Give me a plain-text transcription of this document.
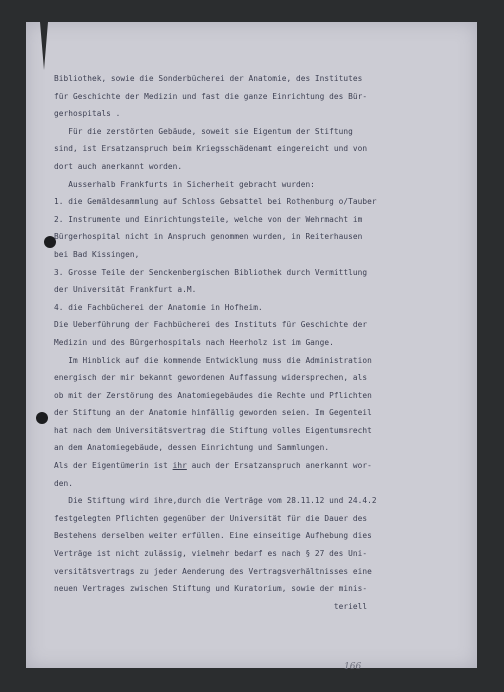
166
Bibliothek, sowie die Sonderbücherei der Anatomie, des Institutes
für Geschichte der Medizin und fast die ganze Einrichtung des Bür-
gerhospitals .
Für die zerstörten Gebäude, soweit sie Eigentum der Stiftung
sind, ist Ersatzanspruch beim Kriegsschädenamt eingereicht und von
dort auch anerkannt worden.
Ausserhalb Frankfurts in Sicherheit gebracht wurden:
1. die Gemäldesammlung auf Schloss Gebsattel bei Rothenburg o/Tauber
2. Instrumente und Einrichtungsteile, welche von der Wehrmacht im
Bürgerhospital nicht in Anspruch genommen wurden, in Reiterhausen
bei Bad Kissingen,
3. Grosse Teile der Senckenbergischen Bibliothek durch Vermittlung
der Universität Frankfurt a.M.
4. die Fachbücherei der Anatomie in Hofheim.
Die Ueberführung der Fachbücherei des Instituts für Geschichte der
Medizin und des Bürgerhospitals nach Heerholz ist im Gange.
Im Hinblick auf die kommende Entwicklung muss die Administration
energisch der mir bekannt gewordenen Auffassung widersprechen, als
ob mit der Zerstörung des Anatomiegebäudes die Rechte und Pflichten
der Stiftung an der Anatomie hinfällig geworden seien. Im Gegenteil
hat nach dem Universitätsvertrag die Stiftung volles Eigentumsrecht
an dem Anatomiegebäude, dessen Einrichtung und Sammlungen.
Als der Eigentümerin ist ihr auch der Ersatzanspruch anerkannt wor-
den.
Die Stiftung wird ihre,durch die Verträge vom 28.11.12 und 24.4.2
festgelegten Pflichten gegenüber der Universität für die Dauer des
Bestehens derselben weiter erfüllen. Eine einseitige Aufhebung dies
Verträge ist nicht zulässig, vielmehr bedarf es nach § 27 des Uni-
versitätsvertrags zu jeder Aenderung des Vertragsverhältnisses eine
neuen Vertrages zwischen Stiftung und Kuratorium, sowie der minis-
teriell
